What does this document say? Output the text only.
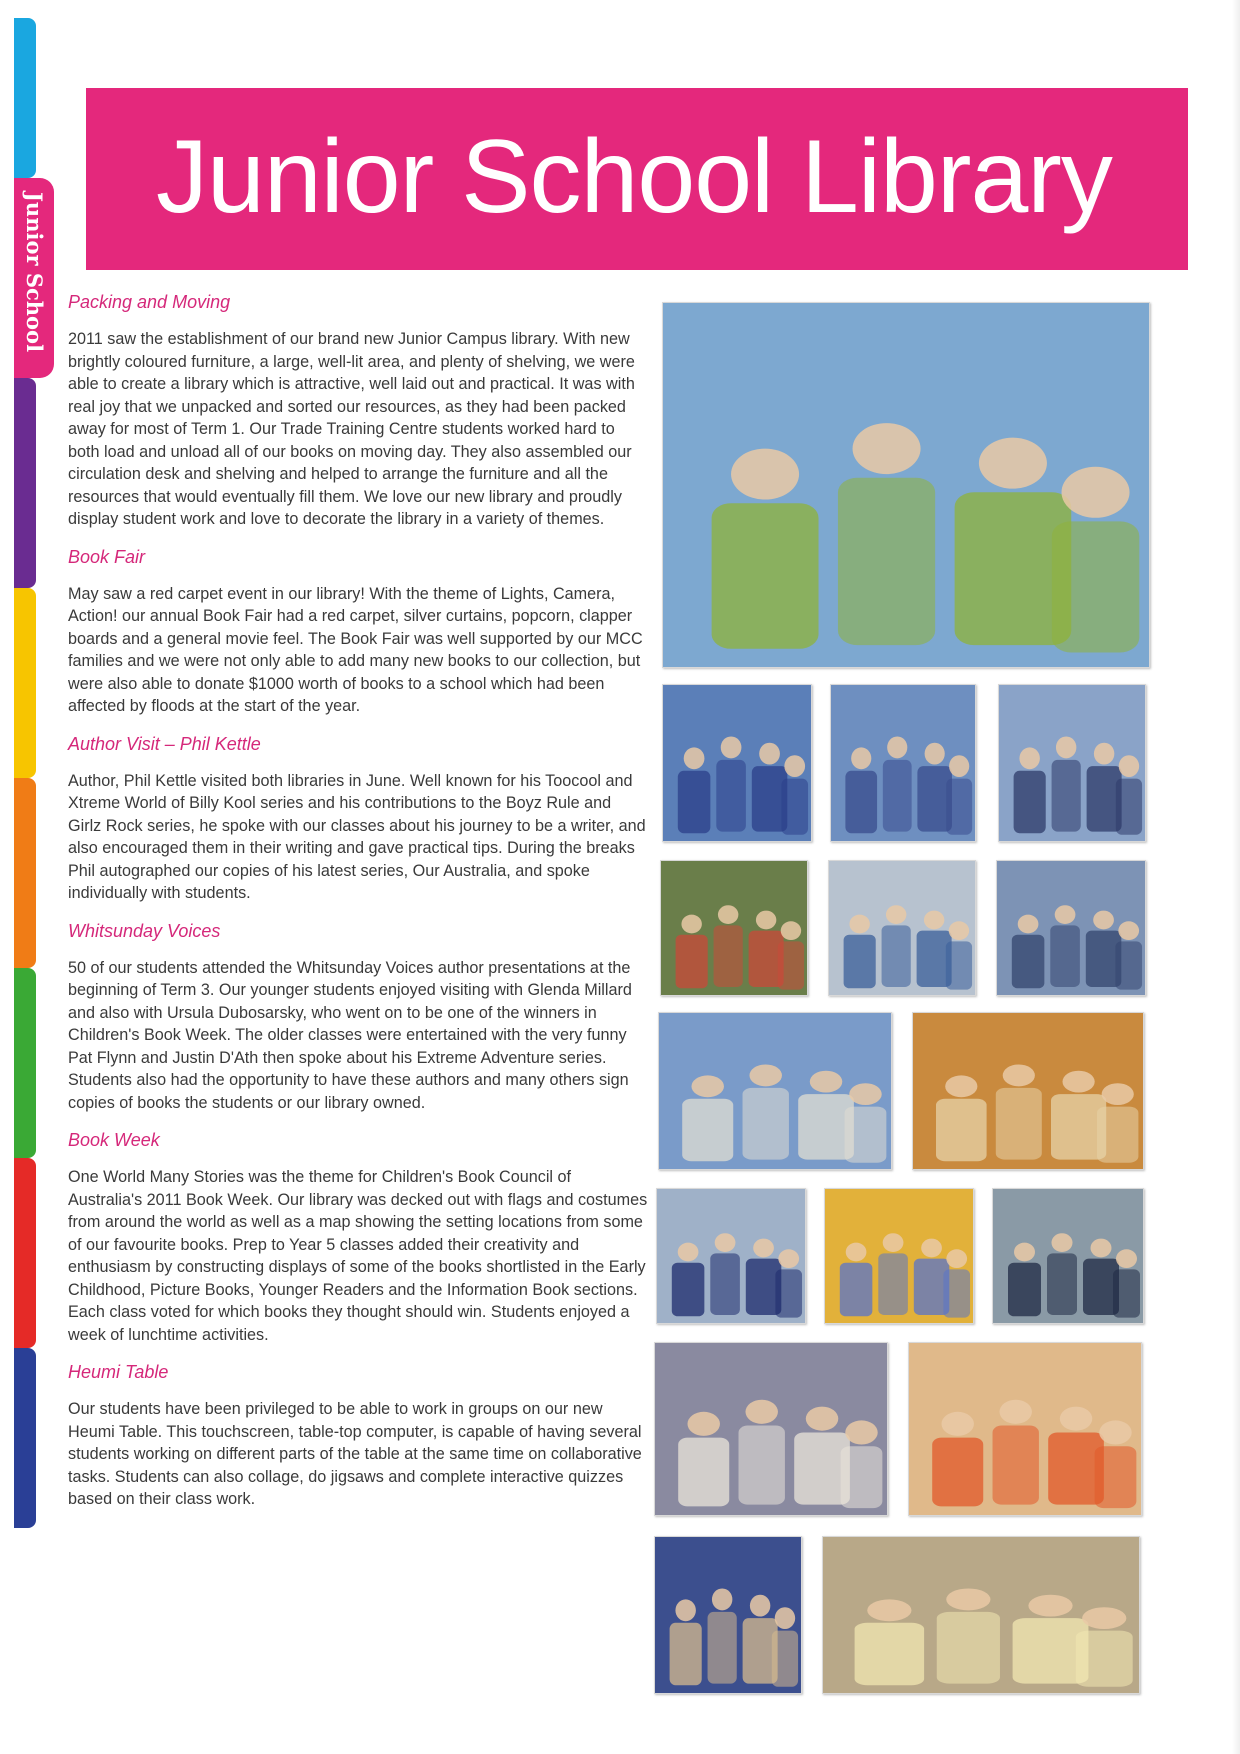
Junior School
Junior School Library

Packing and Moving

2011 saw the establishment of our brand new Junior Campus library. With new brightly coloured furniture, a large, well-lit area, and plenty of shelving, we were able to create a library which is attractive, well laid out and practical. It was with real joy that we unpacked and sorted our resources, as they had been packed away for most of Term 1. Our Trade Training Centre students worked hard to both load and unload all of our books on moving day. They also assembled our circulation desk and shelving and helped to arrange the furniture and all the resources that would eventually fill them. We love our new library and proudly display student work and love to decorate the library in a variety of themes.

Book Fair

May saw a red carpet event in our library! With the theme of Lights, Camera, Action! our annual Book Fair had a red carpet, silver curtains, popcorn, clapper boards and a general movie feel. The Book Fair was well supported by our MCC families and we were not only able to add many new books to our collection, but were also able to donate $1000 worth of books to a school which had been affected by floods at the start of the year.

Author Visit – Phil Kettle

Author, Phil Kettle visited both libraries in June. Well known for his Toocool and Xtreme World of Billy Kool series and his contributions to the Boyz Rule and Girlz Rock series, he spoke with our classes about his journey to be a writer, and also encouraged them in their writing and gave practical tips. During the breaks Phil autographed our copies of his latest series, Our Australia, and spoke individually with students.

Whitsunday Voices

50 of our students attended the Whitsunday Voices author presentations at the beginning of Term 3. Our younger students enjoyed visiting with Glenda Millard and also with Ursula Dubosarsky, who went on to be one of the winners in Children's Book Week. The older classes were entertained with the very funny Pat Flynn and Justin D'Ath then spoke about his Extreme Adventure series. Students also had the opportunity to have these authors and many others sign copies of books the students or our library owned.

Book Week

One World Many Stories was the theme for Children's Book Council of Australia's 2011 Book Week. Our library was decked out with flags and costumes from around the world as well as a map showing the setting locations from some of our favourite books. Prep to Year 5 classes added their creativity and enthusiasm by constructing displays of some of the books shortlisted in the Early Childhood, Picture Books, Younger Readers and the Information Book sections. Each class voted for which books they thought should win. Students enjoyed a week of lunchtime activities.

Heumi Table

Our students have been privileged to be able to work in groups on our new Heumi Table. This touchscreen, table-top computer, is capable of having several students working on different parts of the table at the same time on collaborative tasks. Students can also collage, do jigsaws and complete interactive quizzes based on their class work.
